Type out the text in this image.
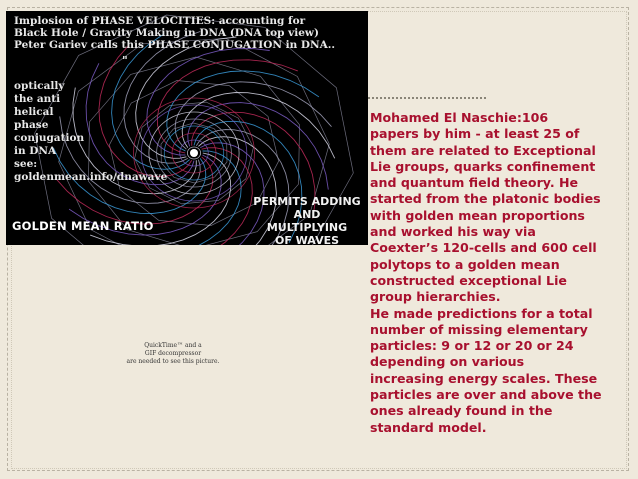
Implosion of PHASE VELOCITIES: accounting for
Black Hole / Gravity Making in DNA (DNA top view)
Peter Gariev calls this PHASE CONJUGATION in DNA..
"
optically
the anti
helical
phase
conjugation
in DNA
see:
goldenmean.info/dnawave
GOLDEN MEAN RATIO
PERMITS ADDING
AND
MULTIPLYING
OF WAVES
Mohamed El Naschie:106
papers by him - at least 25 of
them are related to Exceptional
Lie groups, quarks confinement
and quantum field theory. He
started from the platonic bodies
with golden mean proportions
and worked his way via
Coexter’s 120-cells and 600 cell
polytops to a golden mean
constructed exceptional Lie
group hierarchies.
He made predictions for a total
number of missing elementary
particles: 9 or 12 or 20 or 24
depending on various
increasing energy scales. These
particles are over and above the
ones already found in the
standard model.
QuickTime™ and a
GIF decompressor
are needed to see this picture.
